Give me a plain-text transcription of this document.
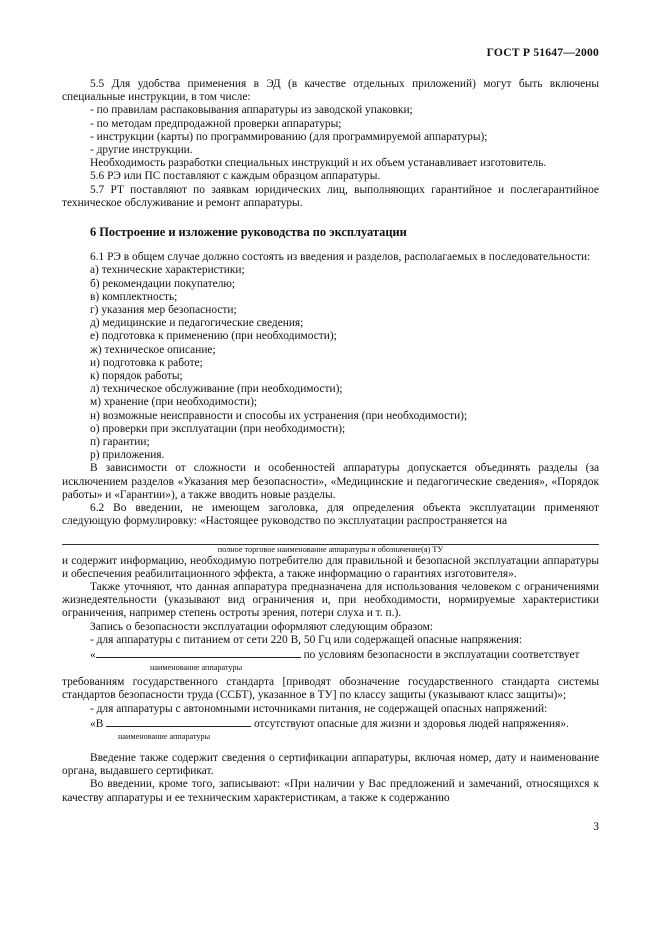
ГОСТ Р 51647—2000

5.5 Для удобства применения в ЭД (в качестве отдельных приложений) могут быть включены специальные инструкции, в том числе:

- по правилам распаковывания аппаратуры из заводской упаковки;

- по методам предпродажной проверки аппаратуры;

- инструкции (карты) по программированию (для программируемой аппаратуры);

- другие инструкции.

Необходимость разработки специальных инструкций и их объем устанавливает изготовитель.

5.6 РЭ или ПС поставляют с каждым образцом аппаратуры.

5.7 РТ поставляют по заявкам юридических лиц, выполняющих гарантийное и послегарантийное техническое обслуживание и ремонт аппаратуры.

6 Построение и изложение руководства по эксплуатации

6.1 РЭ в общем случае должно состоять из введения и разделов, располагаемых в последовательности:

а) технические характеристики;

б) рекомендации покупателю;

в) комплектность;

г) указания мер безопасности;

д) медицинские и педагогические сведения;

е) подготовка к применению (при необходимости);

ж) техническое описание;

и) подготовка к работе;

к) порядок работы;

л) техническое обслуживание (при необходимости);

м) хранение (при необходимости);

н) возможные неисправности и способы их устранения (при необходимости);

о) проверки при эксплуатации (при необходимости);

п) гарантии;

р) приложения.

В зависимости от сложности и особенностей аппаратуры допускается объединять разделы (за исключением разделов «Указания мер безопасности», «Медицинские и педагогические сведения», «Порядок работы» и «Гарантии»), а также вводить новые разделы.

6.2 Во введении, не имеющем заголовка, для определения объекта эксплуатации применяют следующую формулировку: «Настоящее руководство по эксплуатации распространяется на

полное торговое наименование аппаратуры и обозначение(я) ТУ

и содержит информацию, необходимую потребителю для правильной и безопасной эксплуатации аппаратуры и обеспечения реабилитационного эффекта, а также информацию о гарантиях изготовителя».

Также уточняют, что данная аппаратура предназначена для использования человеком с ограничениями жизнедеятельности (указывают вид ограничения и, при необходимости, нормируемые характеристики ограничения, например степень остроты зрения, потери слуха и т. п.).

Запись о безопасности эксплуатации оформляют следующим образом:

- для аппаратуры с питанием от сети 220 В, 50 Гц или содержащей опасные напряжения:

«	по условиям безопасности в эксплуатации соответствует
наименование аппаратуры

требованиям государственного стандарта [приводят обозначение государственного стандарта системы стандартов безопасности труда (ССБТ), указанное в ТУ] по классу защиты (указывают класс защиты)»;

- для аппаратуры с автономными источниками питания, не содержащей опасных напряжений:

«В	отсутствуют опасные для жизни и здоровья людей напряжения».
наименование аппаратуры

Введение также содержит сведения о сертификации аппаратуры, включая номер, дату и наименование органа, выдавшего сертификат.

Во введении, кроме того, записывают: «При наличии у Вас предложений и замечаний, относящихся к качеству аппаратуры и ее техническим характеристикам, а также к содержанию

3
